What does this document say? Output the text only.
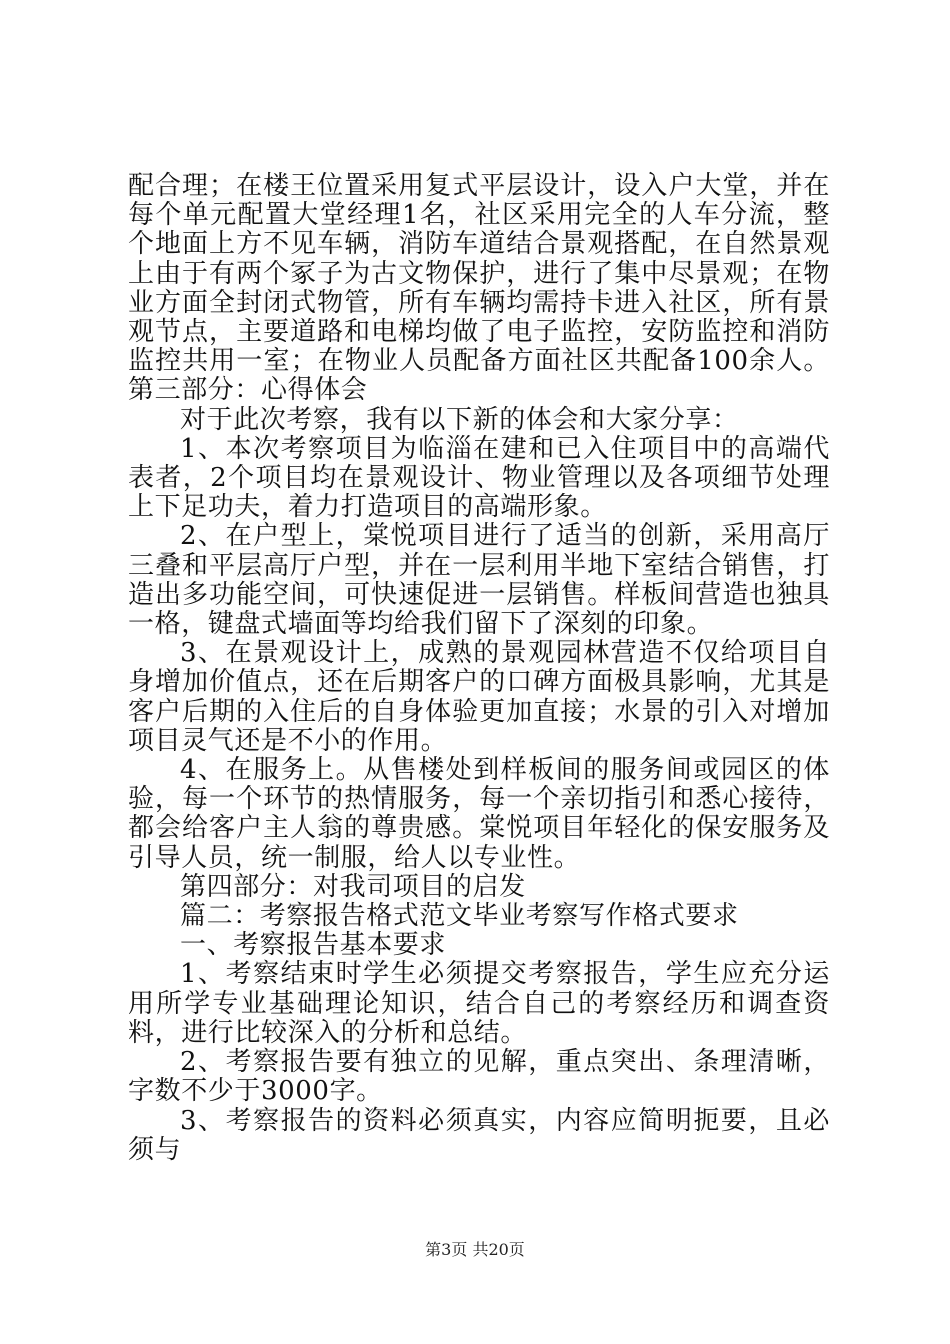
配合理；在楼王位置采用复式平层设计，设入户大堂，并在每个单元配置大堂经理1名，社区采用完全的人车分流，整个地面上方不见车辆，消防车道结合景观搭配，在自然景观上由于有两个冢子为古文物保护，进行了集中尽景观；在物业方面全封闭式物管，所有车辆均需持卡进入社区，所有景观节点，主要道路和电梯均做了电子监控，安防监控和消防监控共用一室；在物业人员配备方面社区共配备100余人。第三部分：心得体会

对于此次考察，我有以下新的体会和大家分享：

1、本次考察项目为临淄在建和已入住项目中的高端代表者，2个项目均在景观设计、物业管理以及各项细节处理上下足功夫，着力打造项目的高端形象。

2、在户型上，棠悦项目进行了适当的创新，采用高厅三叠和平层高厅户型，并在一层利用半地下室结合销售，打造出多功能空间，可快速促进一层销售。样板间营造也独具一格，键盘式墙面等均给我们留下了深刻的印象。

3、在景观设计上，成熟的景观园林营造不仅给项目自身增加价值点，还在后期客户的口碑方面极具影响，尤其是客户后期的入住后的自身体验更加直接；水景的引入对增加项目灵气还是不小的作用。

4、在服务上。从售楼处到样板间的服务间或园区的体验，每一个环节的热情服务，每一个亲切指引和悉心接待，都会给客户主人翁的尊贵感。棠悦项目年轻化的保安服务及引导人员，统一制服，给人以专业性。

第四部分：对我司项目的启发

篇二：考察报告格式范文毕业考察写作格式要求

一、考察报告基本要求

1、考察结束时学生必须提交考察报告，学生应充分运用所学专业基础理论知识，结合自己的考察经历和调查资料，进行比较深入的分析和总结。

2、考察报告要有独立的见解，重点突出、条理清晰，字数不少于3000字。

3、考察报告的资料必须真实，内容应简明扼要，且必须与

第3页 共20页
